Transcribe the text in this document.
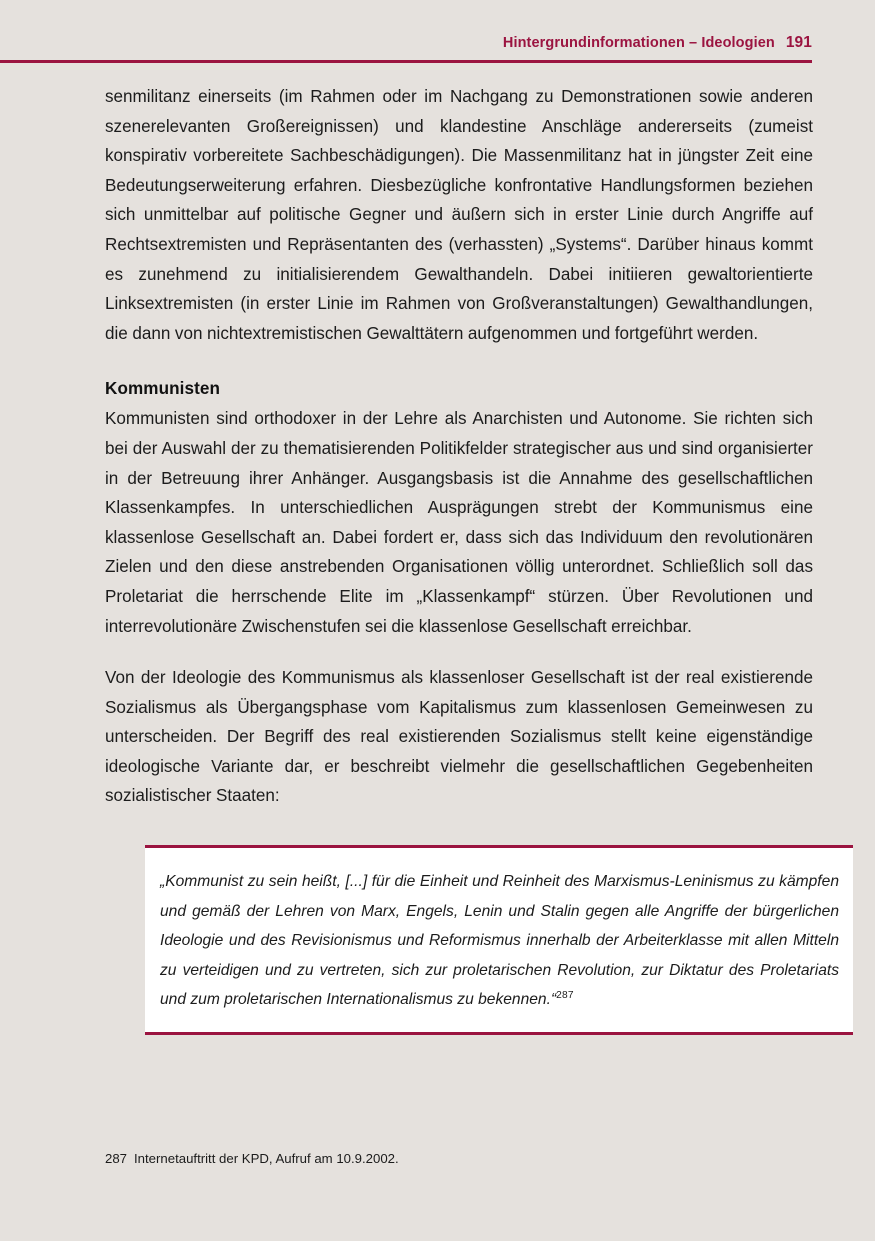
Hintergrundinformationen – Ideologien 191

senmilitanz einerseits (im Rahmen oder im Nachgang zu Demonstrationen sowie anderen szenerelevanten Großereignissen) und klandestine Anschläge andererseits (zumeist konspirativ vorbereitete Sachbeschädigungen). Die Massenmilitanz hat in jüngster Zeit eine Bedeutungserweiterung erfahren. Diesbezügliche konfrontative Handlungsformen beziehen sich unmittelbar auf politische Gegner und äußern sich in erster Linie durch Angriffe auf Rechtsextremisten und Repräsentanten des (verhassten) „Systems“. Darüber hinaus kommt es zunehmend zu initialisierendem Gewalthandeln. Dabei initiieren gewaltorientierte Linksextremisten (in erster Linie im Rahmen von Großveranstaltungen) Gewalthandlungen, die dann von nichtextremistischen Gewalttätern aufgenommen und fortgeführt werden.

Kommunisten

Kommunisten sind orthodoxer in der Lehre als Anarchisten und Autonome. Sie richten sich bei der Auswahl der zu thematisierenden Politikfelder strategischer aus und sind organisierter in der Betreuung ihrer Anhänger. Ausgangsbasis ist die Annahme des gesellschaftlichen Klassenkampfes. In unterschiedlichen Ausprägungen strebt der Kommunismus eine klassenlose Gesellschaft an. Dabei fordert er, dass sich das Individuum den revolutionären Zielen und den diese anstrebenden Organisationen völlig unterordnet. Schließlich soll das Proletariat die herrschende Elite im „Klassenkampf“ stürzen. Über Revolutionen und interrevolutionäre Zwischenstufen sei die klassenlose Gesellschaft erreichbar.

Von der Ideologie des Kommunismus als klassenloser Gesellschaft ist der real existierende Sozialismus als Übergangsphase vom Kapitalismus zum klassenlosen Gemeinwesen zu unterscheiden. Der Begriff des real existierenden Sozialismus stellt keine eigenständige ideologische Variante dar, er beschreibt vielmehr die gesellschaftlichen Gegebenheiten sozialistischer Staaten:

„Kommunist zu sein heißt, [...] für die Einheit und Reinheit des Marxismus-Leninismus zu kämpfen und gemäß der Lehren von Marx, Engels, Lenin und Stalin gegen alle Angriffe der bürgerlichen Ideologie und des Revisionismus und Reformismus innerhalb der Arbeiterklasse mit allen Mitteln zu verteidigen und zu vertreten, sich zur proletarischen Revolution, zur Diktatur des Proletariats und zum proletarischen Internationalismus zu bekennen.“$^{287}$

287 Internetauftritt der KPD, Aufruf am 10.9.2002.
